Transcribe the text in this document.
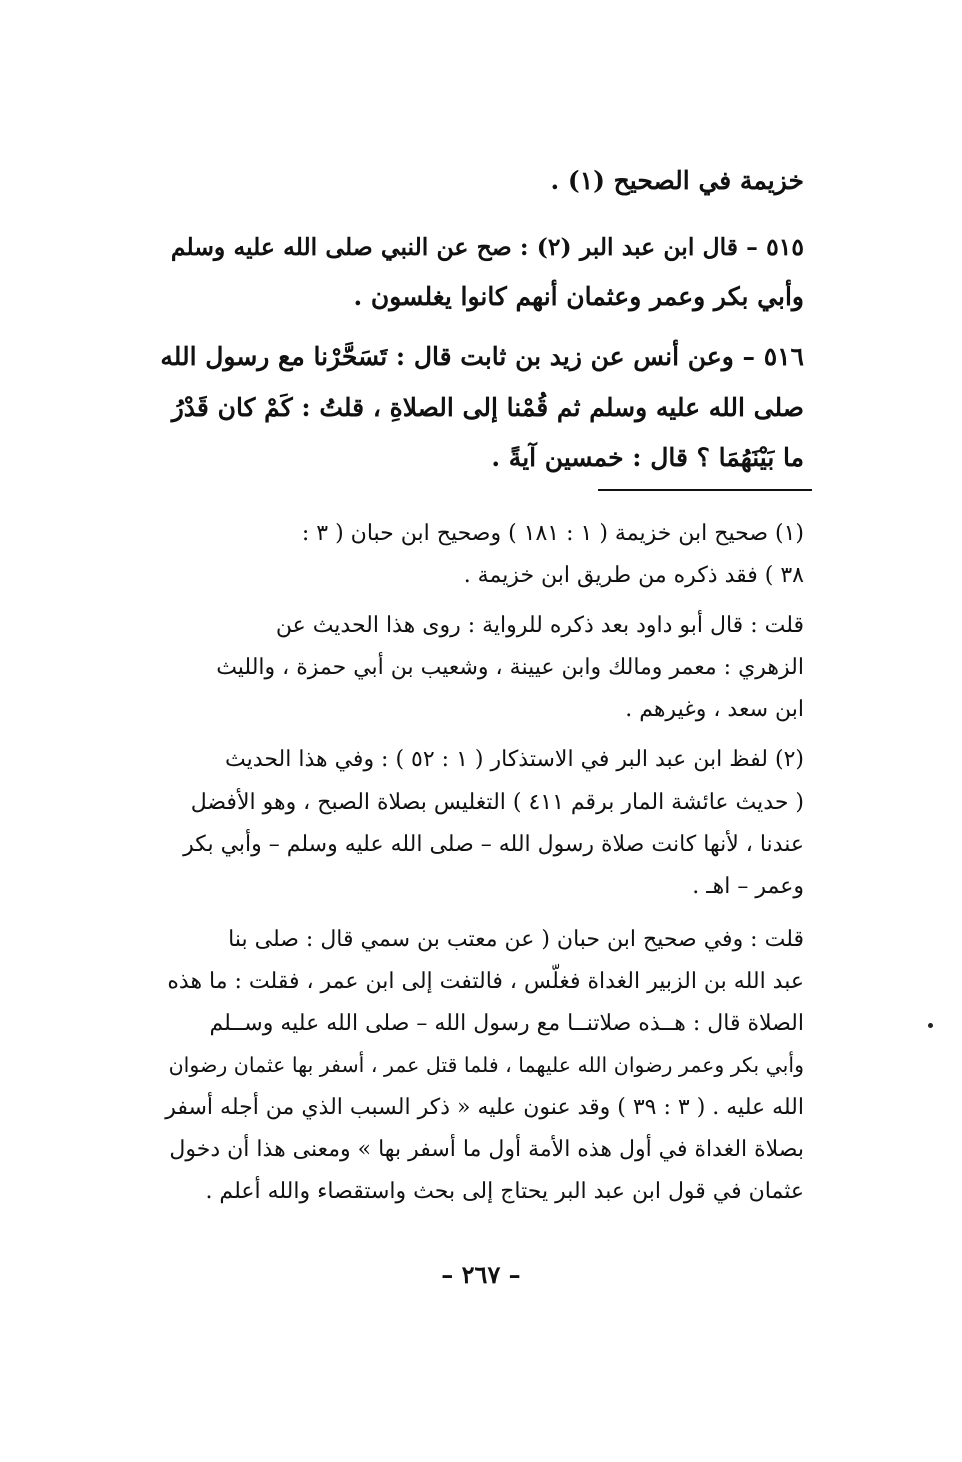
خزيمة في الصحيح (١) .
٥١٥ – قال ابن عبد البر (٢) : صح عن النبي صلى الله عليه وسلم
وأبي بكر وعمر وعثمان أنهم كانوا يغلسون .
٥١٦ – وعن أنس عن زيد بن ثابت قال : تَسَحَّرْنا مع رسول الله
صلى الله عليه وسلم ثم قُمْنا إلى الصلاةِ ، قلتُ : كَمْ كان قَدْرُ
ما بَيْنَهُمَا ؟ قال : خمسين آيةً .
(١) صحيح ابن خزيمة ( ١ : ١٨١ ) وصحيح ابن حبان ( ٣ :
٣٨ ) فقد ذكره من طريق ابن خزيمة .
قلت : قال أبو داود بعد ذكره للرواية : روى هذا الحديث عن
الزهري : معمر ومالك وابن عيينة ، وشعيب بن أبي حمزة ، والليث
ابن سعد ، وغيرهم .
(٢) لفظ ابن عبد البر في الاستذكار ( ١ : ٥٢ ) : وفي هذا الحديث
( حديث عائشة المار برقم ٤١١ ) التغليس بصلاة الصبح ، وهو الأفضل
عندنا ، لأنها كانت صلاة رسول الله – صلى الله عليه وسلم – وأبي بكر
وعمر – اهـ .
قلت : وفي صحيح ابن حبان ( عن معتب بن سمي قال : صلى بنا
عبد الله بن الزبير الغداة فغلّس ، فالتفت إلى ابن عمر ، فقلت : ما هذه
الصلاة قال : هــذه صلاتنــا مع رسول الله – صلى الله عليه وســلم
وأبي بكر وعمر رضوان الله عليهما ، فلما قتل عمر ، أسفر بها عثمان رضوان
الله عليه . ( ٣ : ٣٩ ) وقد عنون عليه « ذكر السبب الذي من أجله أسفر
بصلاة الغداة في أول هذه الأمة أول ما أسفر بها » ومعنى هذا أن دخول
عثمان في قول ابن عبد البر يحتاج إلى بحث واستقصاء والله أعلم .
– ٢٦٧ –
